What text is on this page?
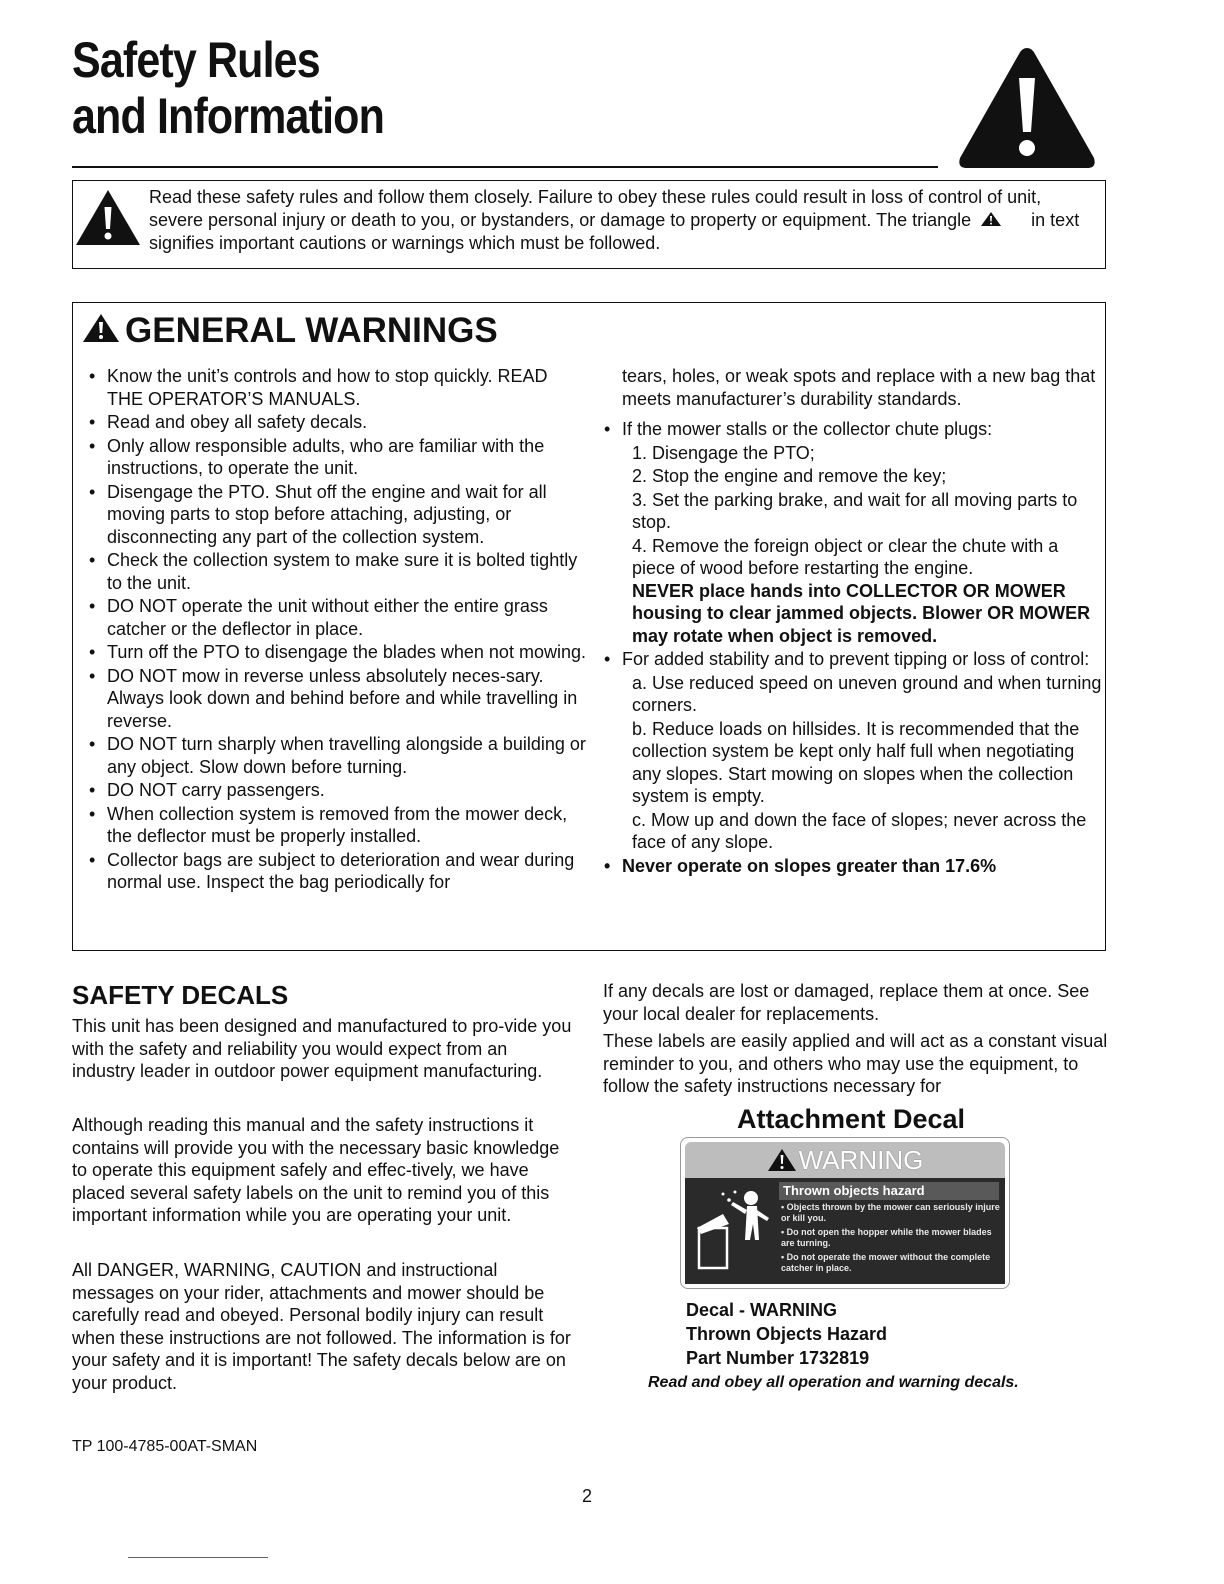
Safety Rules
and Information
Read these safety rules and follow them closely. Failure to obey these rules could result in loss of control of unit, severe personal injury or death to you, or bystanders, or damage to property or equipment. The triangle	in text signifies important cautions or warnings which must be followed.
GENERAL WARNINGS
• Know the unit’s controls and how to stop quickly. READ THE OPERATOR’S MANUALS.
• Read and obey all safety decals.
• Only allow responsible adults, who are familiar with the instructions, to operate the unit.
• Disengage the PTO. Shut off the engine and wait for all moving parts to stop before attaching, adjusting, or disconnecting any part of the collection system.
• Check the collection system to make sure it is bolted tightly to the unit.
• DO NOT operate the unit without either the entire grass catcher or the deflector in place.
• Turn off the PTO to disengage the blades when not mowing.
• DO NOT mow in reverse unless absolutely neces-sary. Always look down and behind before and while travelling in reverse.
• DO NOT turn sharply when travelling alongside a building or any object. Slow down before turning.
• DO NOT carry passengers.
• When collection system is removed from the mower deck, the deflector must be properly installed.
• Collector bags are subject to deterioration and wear during normal use. Inspect the bag periodically for
tears, holes, or weak spots and replace with a new bag that meets manufacturer’s durability standards.
• If the mower stalls or the collector chute plugs:
1. Disengage the PTO;
2. Stop the engine and remove the key;
3. Set the parking brake, and wait for all moving parts to stop.
4. Remove the foreign object or clear the chute with a piece of wood before restarting the engine.
NEVER place hands into COLLECTOR OR MOWER housing to clear jammed objects. Blower OR MOWER may rotate when object is removed.
• For added stability and to prevent tipping or loss of control:
a. Use reduced speed on uneven ground and when turning corners.
b. Reduce loads on hillsides. It is recommended that the collection system be kept only half full when negotiating any slopes. Start mowing on slopes when the collection system is empty.
c. Mow up and down the face of slopes; never across the face of any slope.
• Never operate on slopes greater than 17.6%
SAFETY DECALS
This unit has been designed and manufactured to pro-vide you with the safety and reliability you would expect from an industry leader in outdoor power equipment manufacturing.
Although reading this manual and the safety instructions it contains will provide you with the necessary basic knowledge to operate this equipment safely and effec-tively, we have placed several safety labels on the unit to remind you of this important information while you are operating your unit.
All DANGER, WARNING, CAUTION and instructional messages on your rider, attachments and mower should be carefully read and obeyed. Personal bodily injury can result when these instructions are not followed. The information is for your safety and it is important! The safety decals below are on your product.
If any decals are lost or damaged, replace them at once. See your local dealer for replacements.
These labels are easily applied and will act as a constant visual reminder to you, and others who may use the equipment, to follow the safety instructions necessary for
Attachment Decal
WARNING
Thrown objects hazard
• Objects thrown by the mower can seriously injure or kill you.
• Do not open the hopper while the mower blades are turning.
• Do not operate the mower without the complete catcher in place.
Decal - WARNING
Thrown Objects Hazard
Part Number 1732819
Read and obey all operation and warning decals.
TP 100-4785-00AT-SMAN
2
